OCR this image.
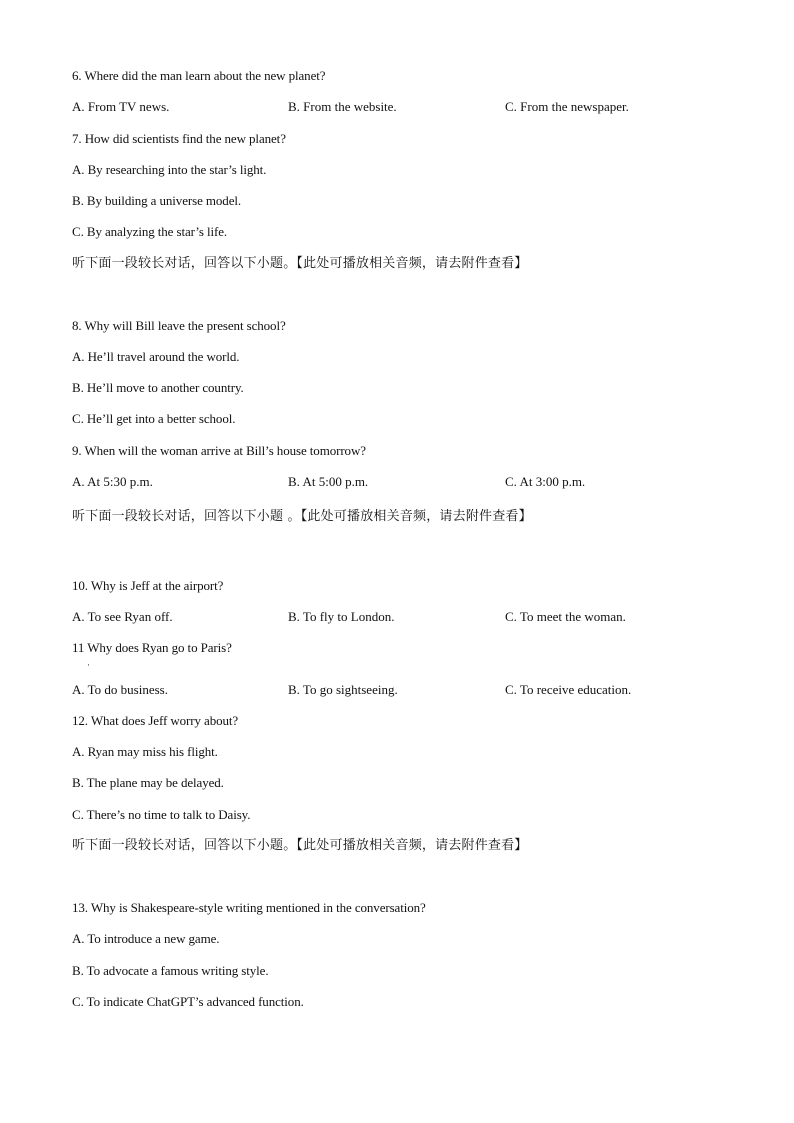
6. Where did the man learn about the new planet?
A. From TV news.	B. From the website.	C. From the newspaper.
7. How did scientists find the new planet?
A. By researching into the star’s light.
B. By building a universe model.
C. By analyzing the star’s life.
听下面一段较长对话，回答以下小题。【此处可播放相关音频，请去附件查看】
8. Why will Bill leave the present school?
A. He’ll travel around the world.
B. He’ll move to another country.
C. He’ll get into a better school.
9. When will the woman arrive at Bill’s house tomorrow?
A. At 5:30 p.m.	B. At 5:00 p.m.	C. At 3:00 p.m.
听下面一段较长对话，回答以下小题 。【此处可播放相关音频，请去附件查看】
10. Why is Jeff at the airport?
A. To see Ryan off.	B. To fly to London.	C. To meet the woman.
11 Why does Ryan go to Paris?
·
A. To do business.	B. To go sightseeing.	C. To receive education.
12. What does Jeff worry about?
A. Ryan may miss his flight.
B. The plane may be delayed.
C. There’s no time to talk to Daisy.
听下面一段较长对话，回答以下小题。【此处可播放相关音频，请去附件查看】
13. Why is Shakespeare-style writing mentioned in the conversation?
A. To introduce a new game.
B. To advocate a famous writing style.
C. To indicate ChatGPT’s advanced function.
